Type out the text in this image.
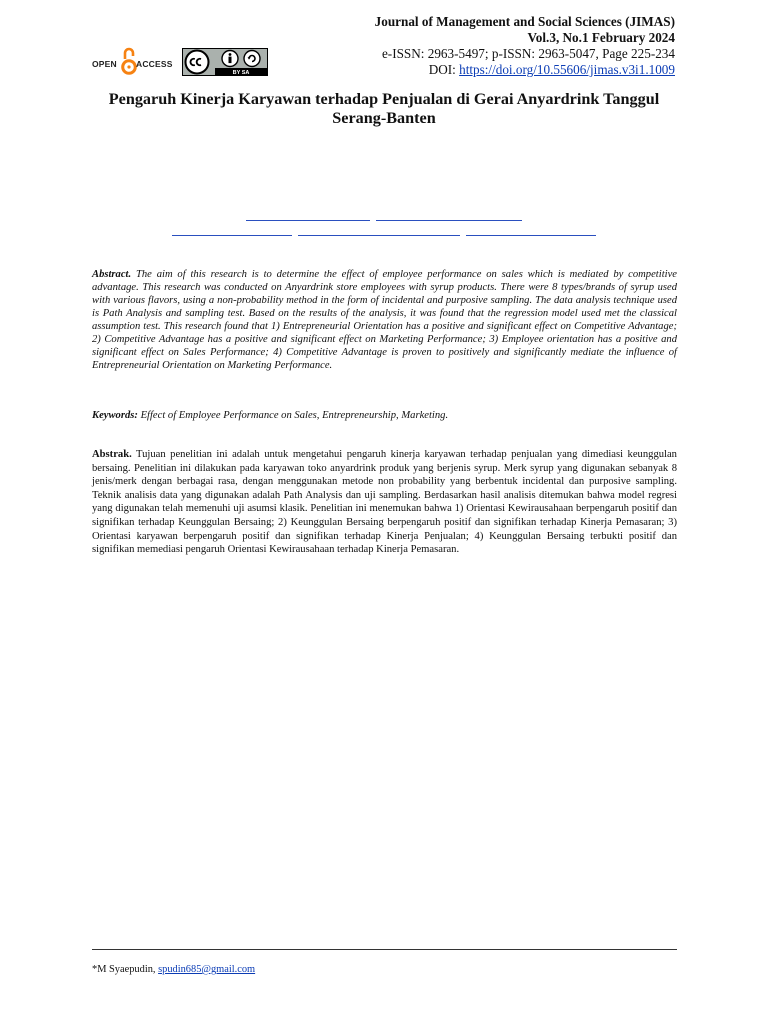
OPEN ACCESS
BY SA
Journal of Management and Social Sciences (JIMAS)
Vol.3, No.1 February 2024
e-ISSN: 2963-5497; p-ISSN: 2963-5047, Page 225-234
DOI: https://doi.org/10.55606/jimas.v3i1.1009
Pengaruh Kinerja Karyawan terhadap Penjualan di Gerai Anyardrink Tanggul Serang-Banten
Abstract. The aim of this research is to determine the effect of employee performance on sales which is mediated by competitive advantage. This research was conducted on Anyardrink store employees with syrup products. There were 8 types/brands of syrup used with various flavors, using a non-probability method in the form of incidental and purposive sampling. The data analysis technique used is Path Analysis and sampling test. Based on the results of the analysis, it was found that the regression model used met the classical assumption test. This research found that 1) Entrepreneurial Orientation has a positive and significant effect on Competitive Advantage; 2) Competitive Advantage has a positive and significant effect on Marketing Performance; 3) Employee orientation has a positive and significant effect on Sales Performance; 4) Competitive Advantage is proven to positively and significantly mediate the influence of Entrepreneurial Orientation on Marketing Performance.
Keywords: Effect of Employee Performance on Sales, Entrepreneurship, Marketing.
Abstrak. Tujuan penelitian ini adalah untuk mengetahui pengaruh kinerja karyawan terhadap penjualan yang dimediasi keunggulan bersaing. Penelitian ini dilakukan pada karyawan toko anyardrink produk yang berjenis syrup. Merk syrup yang digunakan sebanyak 8 jenis/merk dengan berbagai rasa, dengan menggunakan metode non probability yang berbentuk incidental dan purposive sampling. Teknik analisis data yang digunakan adalah Path Analysis dan uji sampling. Berdasarkan hasil analisis ditemukan bahwa model regresi yang digunakan telah memenuhi uji asumsi klasik. Penelitian ini menemukan bahwa 1) Orientasi Kewirausahaan berpengaruh positif dan signifikan terhadap Keunggulan Bersaing; 2) Keunggulan Bersaing berpengaruh positif dan signifikan terhadap Kinerja Pemasaran; 3) Orientasi karyawan berpengaruh positif dan signifikan terhadap Kinerja Penjualan; 4) Keunggulan Bersaing terbukti positif dan signifikan memediasi pengaruh Orientasi Kewirausahaan terhadap Kinerja Pemasaran.
*M Syaepudin, spudin685@gmail.com
